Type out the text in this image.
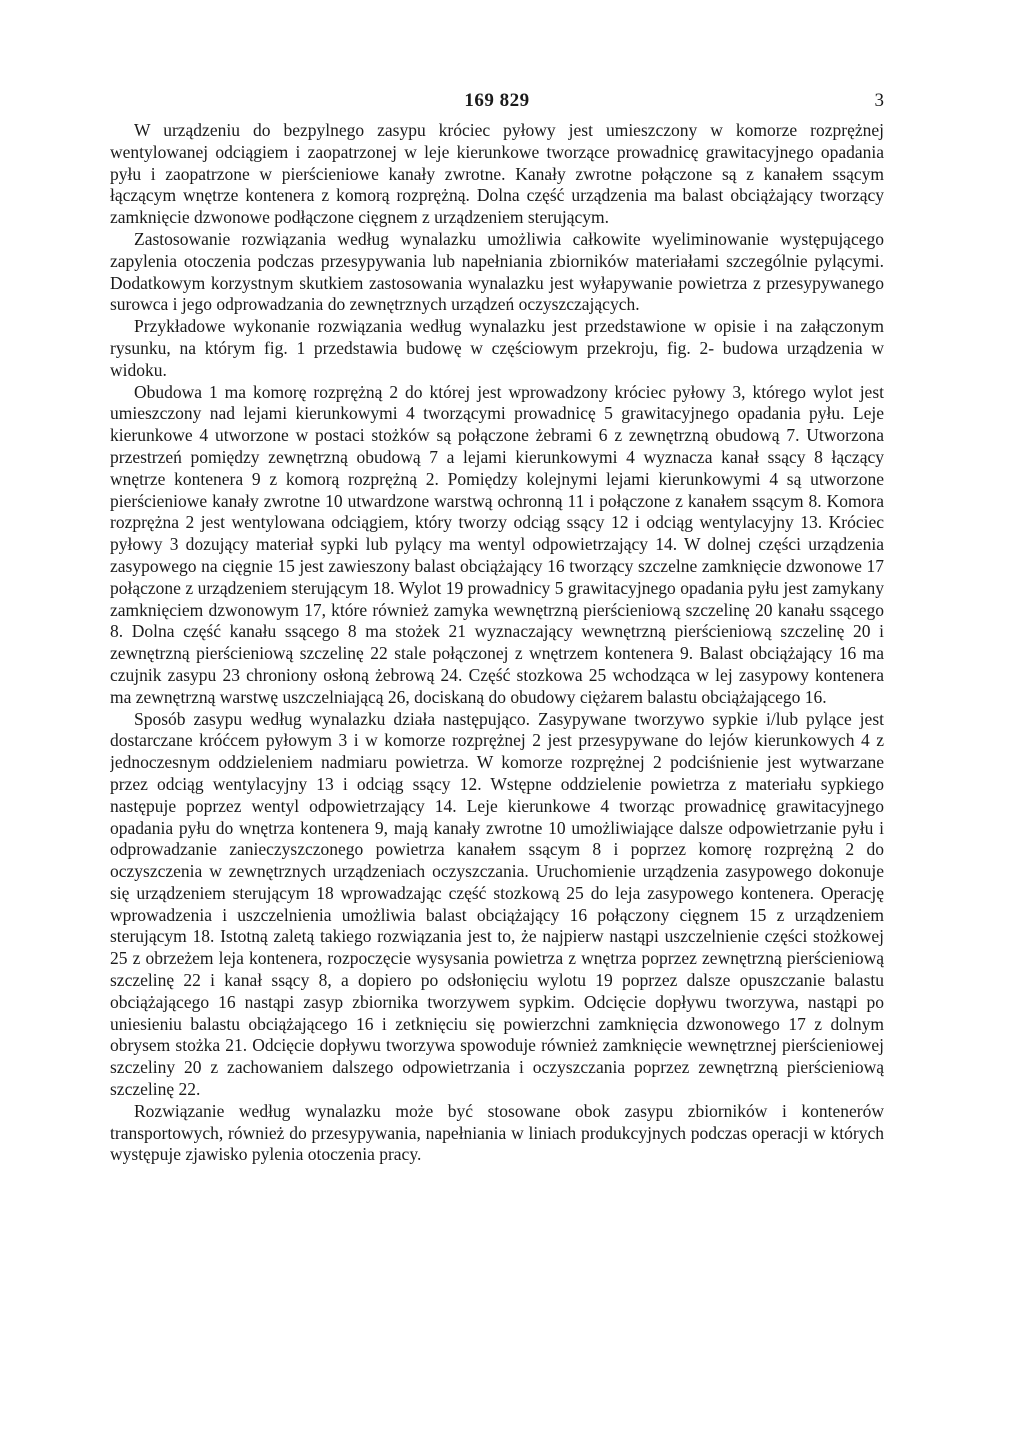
169 829	3

W urządzeniu do bezpylnego zasypu króciec pyłowy jest umieszczony w komorze rozprężnej wentylowanej odciągiem i zaopatrzonej w leje kierunkowe tworzące prowadnicę grawitacyjnego opadania pyłu i zaopatrzone w pierścieniowe kanały zwrotne. Kanały zwrotne połączone są z kanałem ssącym łączącym wnętrze kontenera z komorą rozprężną. Dolna część urządzenia ma balast obciążający tworzący zamknięcie dzwonowe podłączone cięgnem z urządzeniem sterującym.

Zastosowanie rozwiązania według wynalazku umożliwia całkowite wyeliminowanie występującego zapylenia otoczenia podczas przesypywania lub napełniania zbiorników materiałami szczególnie pylącymi. Dodatkowym korzystnym skutkiem zastosowania wynalazku jest wyłapywanie powietrza z przesypywanego surowca i jego odprowadzania do zewnętrznych urządzeń oczyszczających.

Przykładowe wykonanie rozwiązania według wynalazku jest przedstawione w opisie i na załączonym rysunku, na którym fig. 1 przedstawia budowę w częściowym przekroju, fig. 2- budowa urządzenia w widoku.

Obudowa 1 ma komorę rozprężną 2 do której jest wprowadzony króciec pyłowy 3, którego wylot jest umieszczony nad lejami kierunkowymi 4 tworzącymi prowadnicę 5 grawitacyjnego opadania pyłu. Leje kierunkowe 4 utworzone w postaci stożków są połączone żebrami 6 z zewnętrzną obudową 7. Utworzona przestrzeń pomiędzy zewnętrzną obudową 7 a lejami kierunkowymi 4 wyznacza kanał ssący 8 łączący wnętrze kontenera 9 z komorą rozprężną 2. Pomiędzy kolejnymi lejami kierunkowymi 4 są utworzone pierścieniowe kanały zwrotne 10 utwardzone warstwą ochronną 11 i połączone z kanałem ssącym 8. Komora rozprężna 2 jest wentylowana odciągiem, który tworzy odciąg ssący 12 i odciąg wentylacyjny 13. Króciec pyłowy 3 dozujący materiał sypki lub pylący ma wentyl odpowietrzający 14. W dolnej części urządzenia zasypowego na cięgnie 15 jest zawieszony balast obciążający 16 tworzący szczelne zamknięcie dzwonowe 17 połączone z urządzeniem sterującym 18. Wylot 19 prowadnicy 5 grawitacyjnego opadania pyłu jest zamykany zamknięciem dzwonowym 17, które również zamyka wewnętrzną pierścieniową szczelinę 20 kanału ssącego 8. Dolna część kanału ssącego 8 ma stożek 21 wyznaczający wewnętrzną pierścieniową szczelinę 20 i zewnętrzną pierścieniową szczelinę 22 stale połączonej z wnętrzem kontenera 9. Balast obciążający 16 ma czujnik zasypu 23 chroniony osłoną żebrową 24. Część stozkowa 25 wchodząca w lej zasypowy kontenera ma zewnętrzną warstwę uszczelniającą 26, dociskaną do obudowy ciężarem balastu obciążającego 16.

Sposób zasypu według wynalazku działa następująco. Zasypywane tworzywo sypkie i/lub pylące jest dostarczane króćcem pyłowym 3 i w komorze rozprężnej 2 jest przesypywane do lejów kierunkowych 4 z jednoczesnym oddzieleniem nadmiaru powietrza. W komorze rozprężnej 2 podciśnienie jest wytwarzane przez odciąg wentylacyjny 13 i odciąg ssący 12. Wstępne oddzielenie powietrza z materiału sypkiego następuje poprzez wentyl odpowietrzający 14. Leje kierunkowe 4 tworząc prowadnicę grawitacyjnego opadania pyłu do wnętrza kontenera 9, mają kanały zwrotne 10 umożliwiające dalsze odpowietrzanie pyłu i odprowadzanie zanieczyszczonego powietrza kanałem ssącym 8 i poprzez komorę rozprężną 2 do oczyszczenia w zewnętrznych urządzeniach oczyszczania. Uruchomienie urządzenia zasypowego dokonuje się urządzeniem sterującym 18 wprowadzając część stozkową 25 do leja zasypowego kontenera. Operację wprowadzenia i uszczelnienia umożliwia balast obciążający 16 połączony cięgnem 15 z urządzeniem sterującym 18. Istotną zaletą takiego rozwiązania jest to, że najpierw nastąpi uszczelnienie części stożkowej 25 z obrzeżem leja kontenera, rozpoczęcie wysysania powietrza z wnętrza poprzez zewnętrzną pierścieniową szczelinę 22 i kanał ssący 8, a dopiero po odsłonięciu wylotu 19 poprzez dalsze opuszczanie balastu obciążającego 16 nastąpi zasyp zbiornika tworzywem sypkim. Odcięcie dopływu tworzywa, nastąpi po uniesieniu balastu obciążającego 16 i zetknięciu się powierzchni zamknięcia dzwonowego 17 z dolnym obrysem stożka 21. Odcięcie dopływu tworzywa spowoduje również zamknięcie wewnętrznej pierścieniowej szczeliny 20 z zachowaniem dalszego odpowietrzania i oczyszczania poprzez zewnętrzną pierścieniową szczelinę 22.

Rozwiązanie według wynalazku może być stosowane obok zasypu zbiorników i kontenerów transportowych, również do przesypywania, napełniania w liniach produkcyjnych podczas operacji w których występuje zjawisko pylenia otoczenia pracy.
